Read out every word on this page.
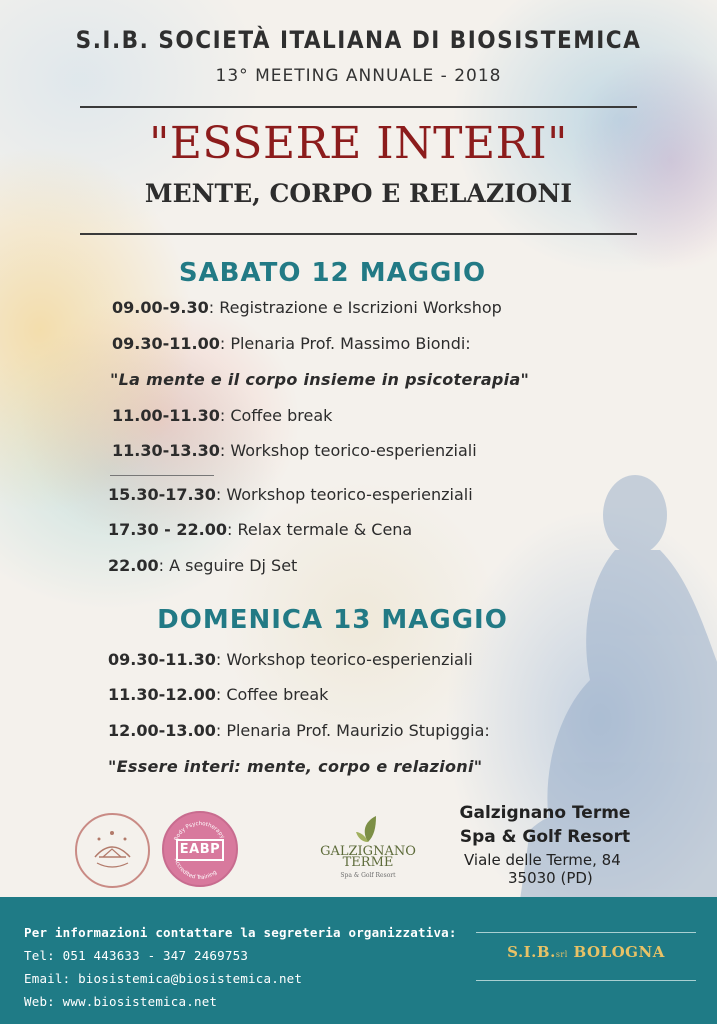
S.I.B. SOCIETÀ ITALIANA DI BIOSISTEMICA
13° MEETING ANNUALE - 2018
"ESSERE INTERI"
MENTE, CORPO E RELAZIONI
SABATO 12 MAGGIO
09.00-9.30: Registrazione e Iscrizioni Workshop
09.30-11.00: Plenaria Prof. Massimo Biondi:
"La mente e il corpo insieme in psicoterapia"
11.00-11.30: Coffee break
11.30-13.30: Workshop teorico-esperienziali
15.30-17.30: Workshop teorico-esperienziali
17.30 - 22.00: Relax termale & Cena
22.00: A seguire Dj Set
DOMENICA 13 MAGGIO
09.30-11.30: Workshop teorico-esperienziali
11.30-12.00: Coffee break
12.00-13.00: Plenaria Prof. Maurizio Stupiggia:
"Essere interi: mente, corpo e relazioni"
Body Psychotherapy
Accredited Training
EABP	GALZIGNANO
TERME
Spa & Golf Resort
Galzignano Terme
Spa & Golf Resort
Viale delle Terme, 84
35030 (PD)
Per informazioni contattare la segreteria organizzativa:
Tel: 051 443633 - 347 2469753
Email: biosistemica@biosistemica.net
Web: www.biosistemica.net
S.I.B.srl BOLOGNA
